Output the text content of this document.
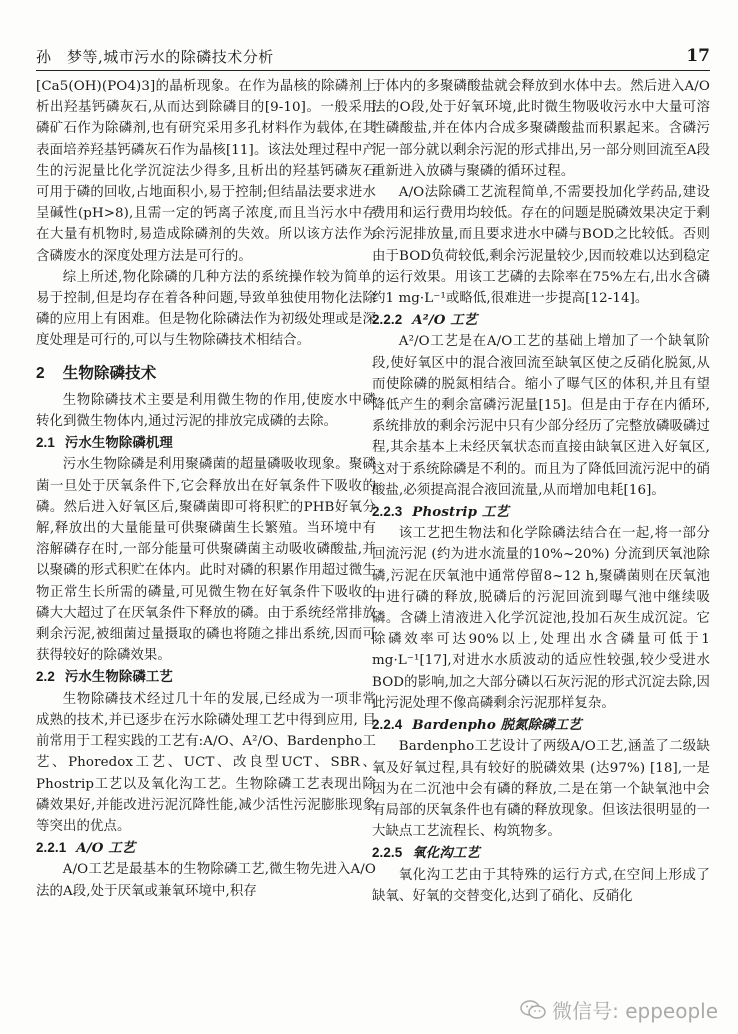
孙　梦等,城市污水的除磷技术分析	17

[Ca5(OH)(PO4)3]的晶析现象。在作为晶核的除磷剂上析出羟基钙磷灰石,从而达到除磷目的[9-10]。一般采用磷矿石作为除磷剂,也有研究采用多孔材料作为载体,在其表面培养羟基钙磷灰石作为晶核[11]。该法处理过程中产生的污泥量比化学沉淀法少得多,且析出的羟基钙磷灰石可用于磷的回收,占地面积小,易于控制;但结晶法要求进水呈碱性(pH>8),且需一定的钙离子浓度,而且当污水中存在大量有机物时,易造成除磷剂的失效。所以该方法作为含磷废水的深度处理方法是可行的。

综上所述,物化除磷的几种方法的系统操作较为简单,易于控制,但是均存在着各种问题,导致单独使用物化法除磷的应用上有困难。但是物化除磷法作为初级处理或是深度处理是可行的,可以与生物除磷技术相结合。

2 生物除磷技术

生物除磷技术主要是利用微生物的作用,使废水中磷转化到微生物体内,通过污泥的排放完成磷的去除。

2.1 污水生物除磷机理

污水生物除磷是利用聚磷菌的超量磷吸收现象。聚磷菌一旦处于厌氧条件下,它会释放出在好氧条件下吸收的磷。然后进入好氧区后,聚磷菌即可将积贮的PHB好氧分解,释放出的大量能量可供聚磷菌生长繁殖。当环境中有溶解磷存在时,一部分能量可供聚磷菌主动吸收磷酸盐,并以聚磷的形式积贮在体内。此时对磷的积累作用超过微生物正常生长所需的磷量,可见微生物在好氧条件下吸收的磷大大超过了在厌氧条件下释放的磷。由于系统经常排放剩余污泥,被细菌过量摄取的磷也将随之排出系统,因而可获得较好的除磷效果。

2.2 污水生物除磷工艺

生物除磷技术经过几十年的发展,已经成为一项非常成熟的技术,并已逐步在污水除磷处理工艺中得到应用, 目前常用于工程实践的工艺有:A/O、A²/O、Bardenpho工艺、Phoredox工艺、UCT、改良型UCT、SBR、Phostrip工艺以及氧化沟工艺。生物除磷工艺表现出除磷效果好,并能改进污泥沉降性能,减少活性污泥膨胀现象等突出的优点。

2.2.1 A/O 工艺

A/O工艺是最基本的生物除磷工艺,微生物先进入A/O法的A段,处于厌氧或兼氧环境中,积存

于体内的多聚磷酸盐就会释放到水体中去。然后进入A/O法的O段,处于好氧环境,此时微生物吸收污水中大量可溶性磷酸盐,并在体内合成多聚磷酸盐而积累起来。含磷污泥一部分就以剩余污泥的形式排出,另一部分则回流至A段重新进入放磷与聚磷的循环过程。

A/O法除磷工艺流程简单,不需要投加化学药品,建设费用和运行费用均较低。存在的问题是脱磷效果决定于剩余污泥排放量,而且要求进水中磷与BOD之比较低。否则由于BOD负荷较低,剩余污泥量较少,因而较难以达到稳定的运行效果。用该工艺磷的去除率在75%左右,出水含磷约1 mg·L⁻¹或略低,很难进一步提高[12-14]。

2.2.2 A²/O 工艺

A²/O工艺是在A/O工艺的基础上增加了一个缺氧阶段,使好氧区中的混合液回流至缺氧区使之反硝化脱氮,从而使除磷的脱氮相结合。缩小了曝气区的体积,并且有望降低产生的剩余富磷污泥量[15]。但是由于存在内循环,系统排放的剩余污泥中只有少部分经历了完整放磷吸磷过程,其余基本上未经厌氧状态而直接由缺氧区进入好氧区,这对于系统除磷是不利的。而且为了降低回流污泥中的硝酸盐,必须提高混合液回流量,从而增加电耗[16]。

2.2.3 Phostrip 工艺

该工艺把生物法和化学除磷法结合在一起,将一部分回流污泥 (约为进水流量的10%~20%) 分流到厌氧池除磷,污泥在厌氧池中通常停留8~12 h,聚磷菌则在厌氧池中进行磷的释放,脱磷后的污泥回流到曝气池中继续吸磷。含磷上清液进入化学沉淀池,投加石灰生成沉淀。它除磷效率可达90%以上,处理出水含磷量可低于1 mg·L⁻¹[17],对进水水质波动的适应性较强,较少受进水BOD的影响,加之大部分磷以石灰污泥的形式沉淀去除,因此污泥处理不像高磷剩余污泥那样复杂。

2.2.4 Bardenpho 脱氮除磷工艺

Bardenpho工艺设计了两级A/O工艺,涵盖了二级缺氧及好氧过程,具有较好的脱磷效果 (达97%) [18],一是因为在二沉池中会有磷的释放,二是在第一个缺氧池中会有局部的厌氧条件也有磷的释放现象。但该法很明显的一大缺点工艺流程长、构筑物多。

2.2.5 氧化沟工艺

氧化沟工艺由于其特殊的运行方式,在空间上形成了缺氧、好氧的交替变化,达到了硝化、反硝化

微信号: eppeople
